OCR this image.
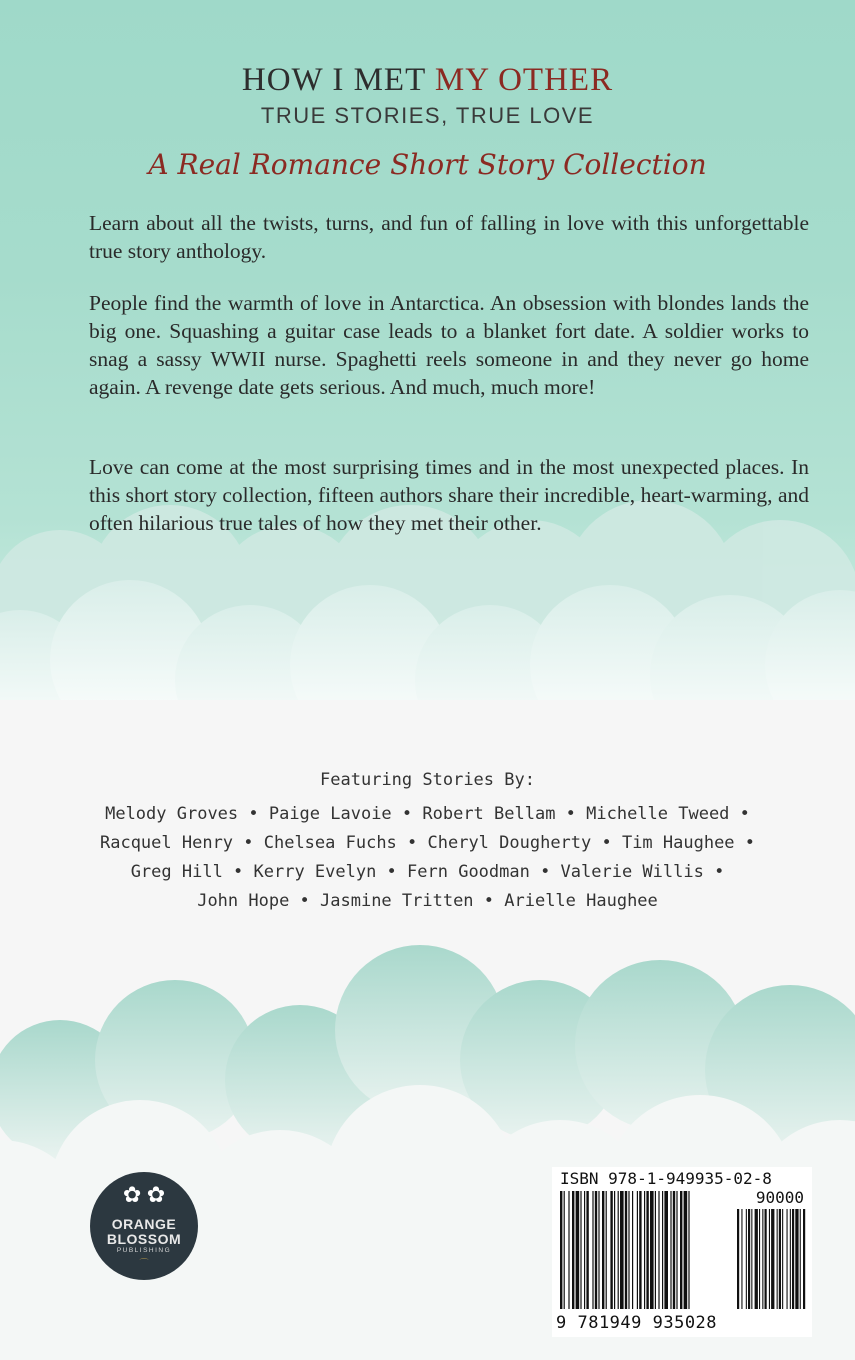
HOW I MET MY OTHER
TRUE STORIES, TRUE LOVE
A Real Romance Short Story Collection

Learn about all the twists, turns, and fun of falling in love with this unforgettable true story anthology.

People find the warmth of love in Antarctica. An obsession with blondes lands the big one. Squashing a guitar case leads to a blanket fort date. A soldier works to snag a sassy WWII nurse. Spaghetti reels someone in and they never go home again. A revenge date gets serious. And much, much more!

Love can come at the most surprising times and in the most unexpected places. In this short story collection, fifteen authors share their incredible, heart-warming, and often hilarious true tales of how they met their other.

Featuring Stories By:
Melody Groves • Paige Lavoie • Robert Bellam • Michelle Tweed •
Racquel Henry • Chelsea Fuchs • Cheryl Dougherty • Tim Haughee •
Greg Hill • Kerry Evelyn • Fern Goodman • Valerie Willis •
John Hope • Jasmine Tritten • Arielle Haughee
✿ ✿
ORANGE
BLOSSOM
PUBLISHING
⌒
ISBN 978-1-949935-02-8
90000
9 781949 935028
